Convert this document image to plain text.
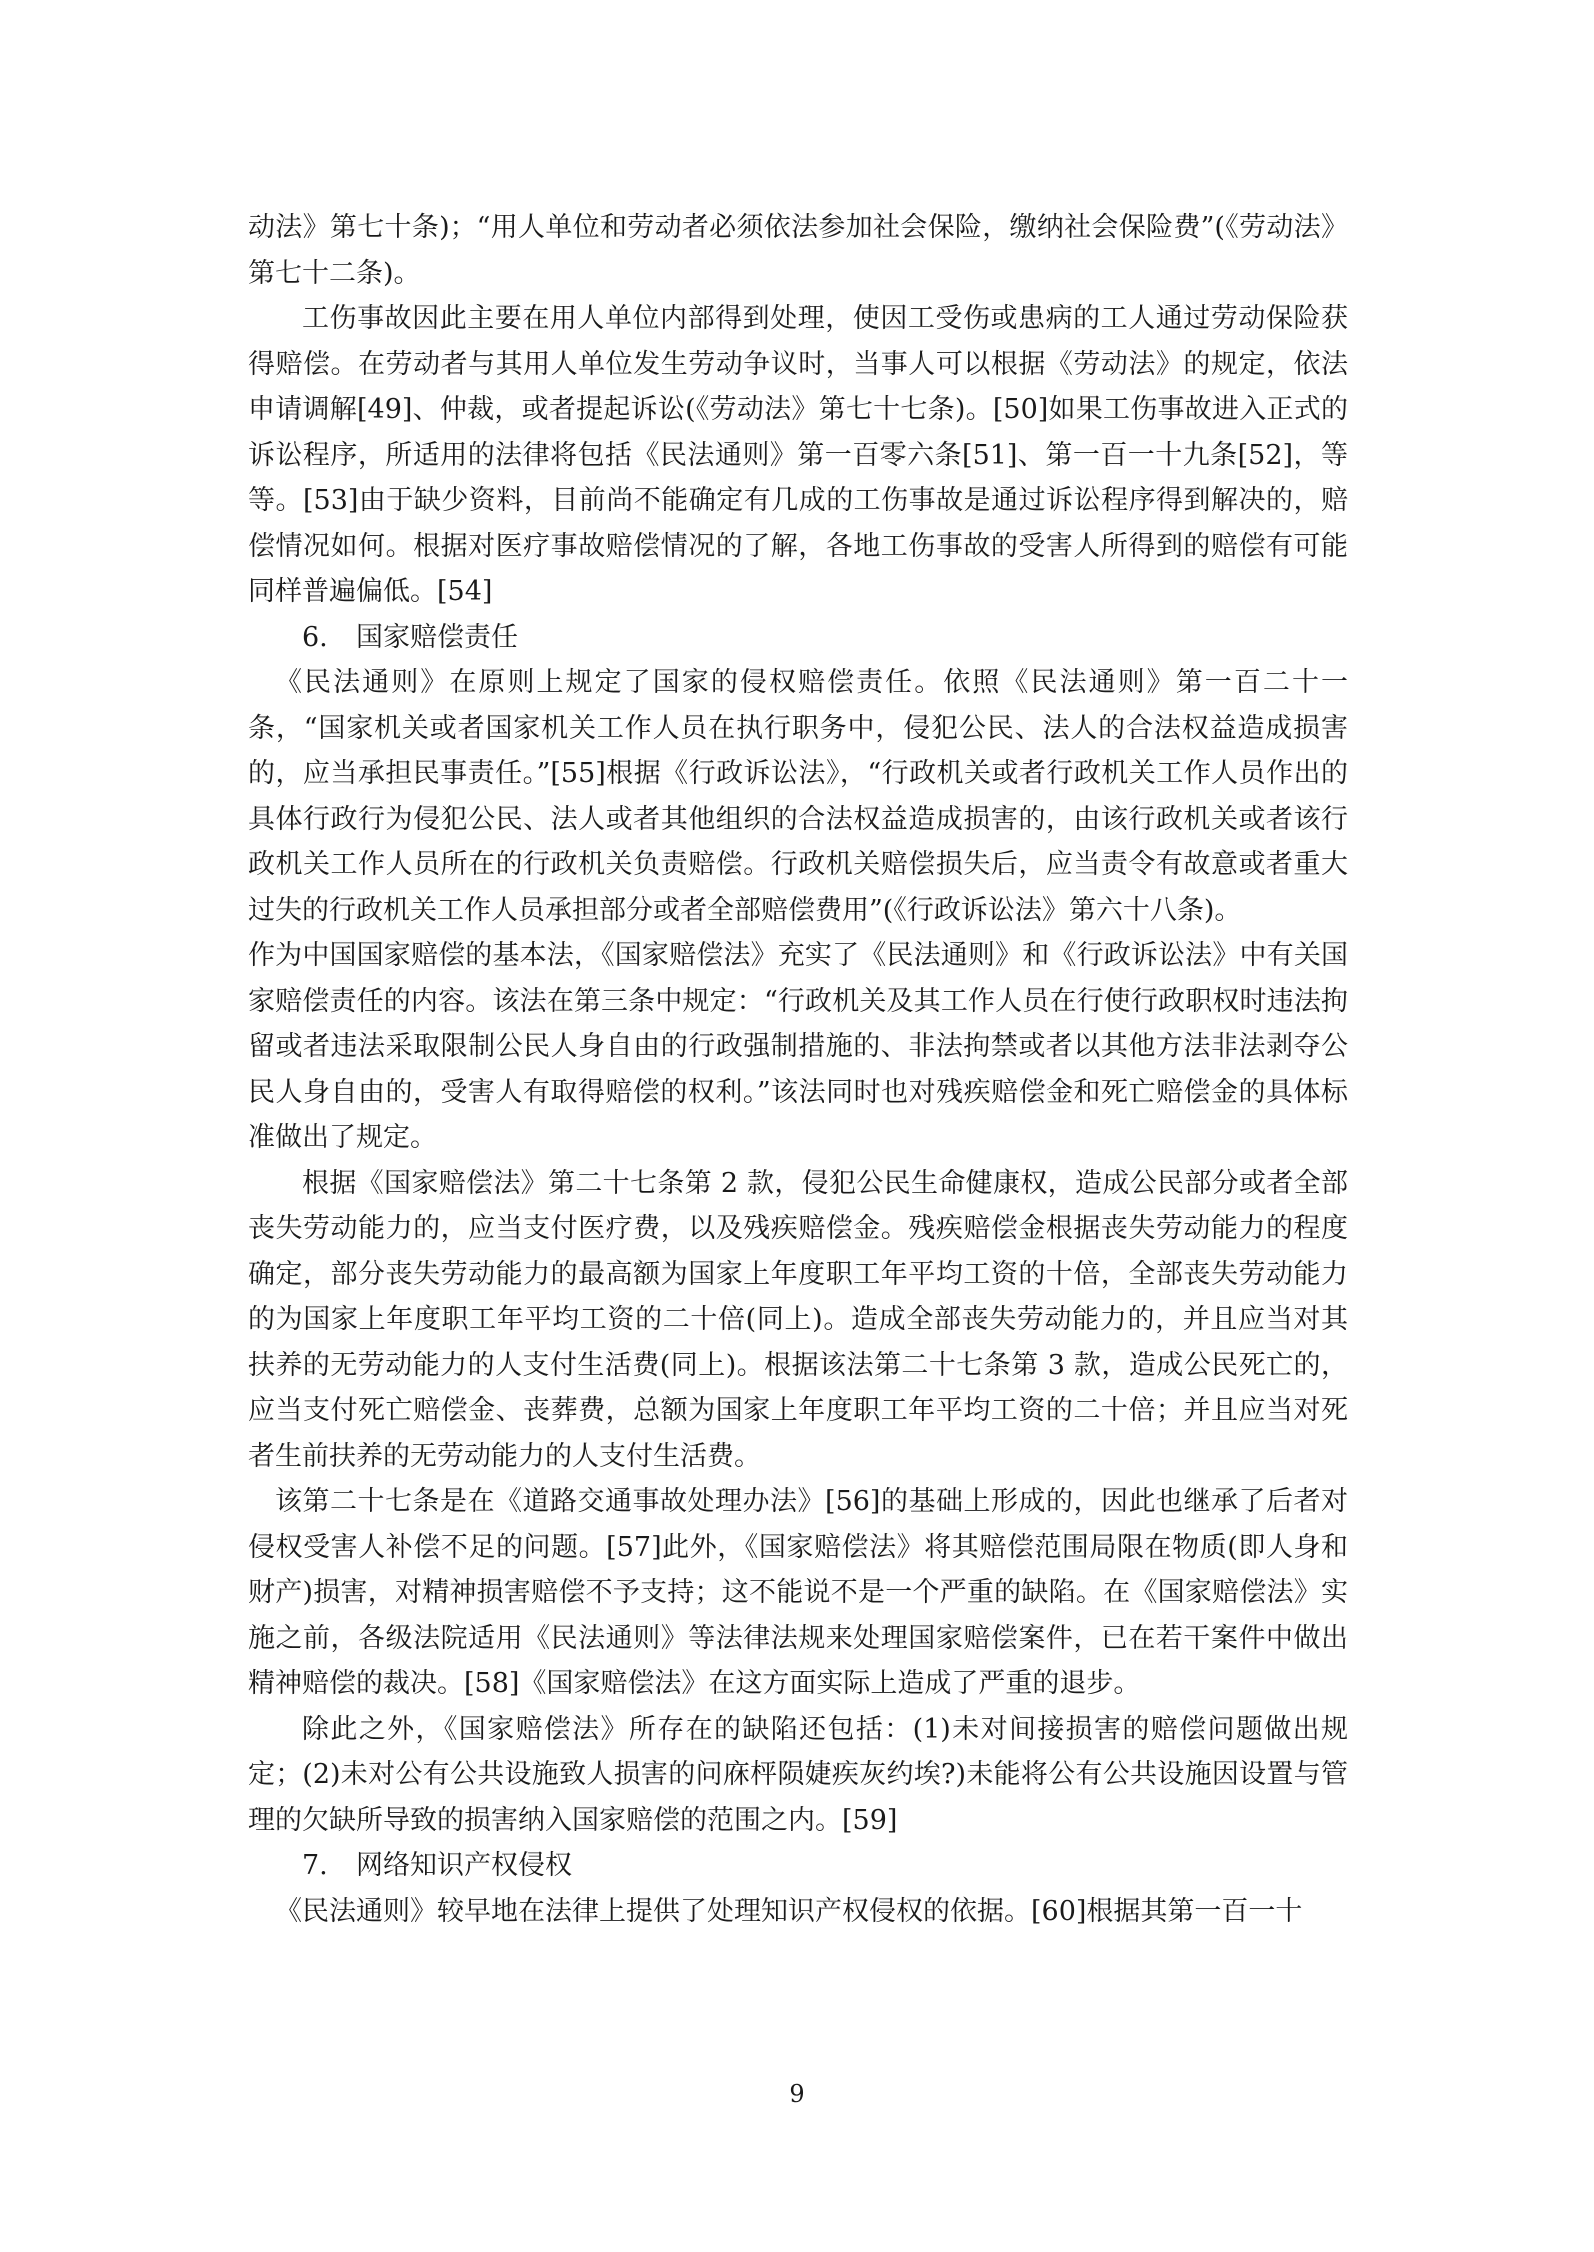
动法》第七十条)；“用人单位和劳动者必须依法参加社会保险，缴纳社会保险费”(《劳动法》第七十二条)。

工伤事故因此主要在用人单位内部得到处理，使因工受伤或患病的工人通过劳动保险获得赔偿。在劳动者与其用人单位发生劳动争议时，当事人可以根据《劳动法》的规定，依法申请调解[49]、仲裁，或者提起诉讼(《劳动法》第七十七条)。[50]如果工伤事故进入正式的诉讼程序，所适用的法律将包括《民法通则》第一百零六条[51]、第一百一十九条[52]，等等。[53]由于缺少资料，目前尚不能确定有几成的工伤事故是通过诉讼程序得到解决的，赔偿情况如何。根据对医疗事故赔偿情况的了解，各地工伤事故的受害人所得到的赔偿有可能同样普遍偏低。[54]

6. 国家赔偿责任

《民法通则》在原则上规定了国家的侵权赔偿责任。依照《民法通则》第一百二十一条，“国家机关或者国家机关工作人员在执行职务中，侵犯公民、法人的合法权益造成损害的，应当承担民事责任。”[55]根据《行政诉讼法》，“行政机关或者行政机关工作人员作出的具体行政行为侵犯公民、法人或者其他组织的合法权益造成损害的，由该行政机关或者该行政机关工作人员所在的行政机关负责赔偿。行政机关赔偿损失后，应当责令有故意或者重大过失的行政机关工作人员承担部分或者全部赔偿费用”(《行政诉讼法》第六十八条)。

作为中国国家赔偿的基本法，《国家赔偿法》充实了《民法通则》和《行政诉讼法》中有关国家赔偿责任的内容。该法在第三条中规定：“行政机关及其工作人员在行使行政职权时违法拘留或者违法采取限制公民人身自由的行政强制措施的、非法拘禁或者以其他方法非法剥夺公民人身自由的，受害人有取得赔偿的权利。”该法同时也对残疾赔偿金和死亡赔偿金的具体标准做出了规定。

根据《国家赔偿法》第二十七条第 2 款，侵犯公民生命健康权，造成公民部分或者全部丧失劳动能力的，应当支付医疗费，以及残疾赔偿金。残疾赔偿金根据丧失劳动能力的程度确定，部分丧失劳动能力的最高额为国家上年度职工年平均工资的十倍，全部丧失劳动能力的为国家上年度职工年平均工资的二十倍(同上)。造成全部丧失劳动能力的，并且应当对其扶养的无劳动能力的人支付生活费(同上)。根据该法第二十七条第 3 款，造成公民死亡的，应当支付死亡赔偿金、丧葬费，总额为国家上年度职工年平均工资的二十倍；并且应当对死者生前扶养的无劳动能力的人支付生活费。

该第二十七条是在《道路交通事故处理办法》[56]的基础上形成的，因此也继承了后者对侵权受害人补偿不足的问题。[57]此外，《国家赔偿法》将其赔偿范围局限在物质(即人身和财产)损害，对精神损害赔偿不予支持；这不能说不是一个严重的缺陷。在《国家赔偿法》实施之前，各级法院适用《民法通则》等法律法规来处理国家赔偿案件，已在若干案件中做出精神赔偿的裁决。[58]《国家赔偿法》在这方面实际上造成了严重的退步。

除此之外，《国家赔偿法》所存在的缺陷还包括：(1)未对间接损害的赔偿问题做出规定；(2)未对公有公共设施致人损害的问庥枰陨婕疾灰约埃?)未能将公有公共设施因设置与管理的欠缺所导致的损害纳入国家赔偿的范围之内。[59]

7. 网络知识产权侵权

《民法通则》较早地在法律上提供了处理知识产权侵权的依据。[60]根据其第一百一十

9
